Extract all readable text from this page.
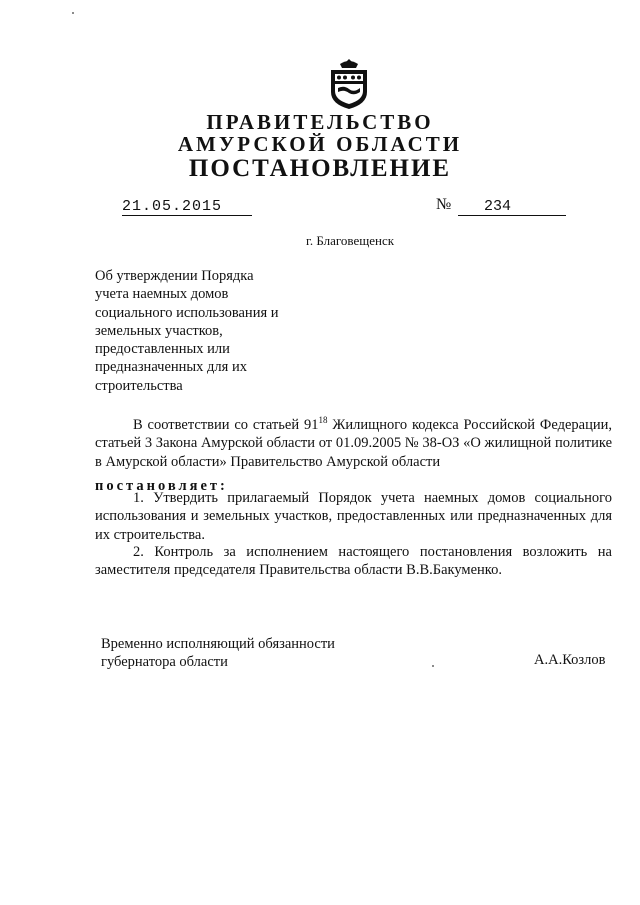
ПРАВИТЕЛЬСТВО
АМУРСКОЙ ОБЛАСТИ
ПОСТАНОВЛЕНИЕ
21.05.2015	№ 234
г. Благовещенск
Об утверждении Порядка
учета наемных домов
социального использования и
земельных участков,
предоставленных или
предназначенных для их
строительства
В соответствии со статьей $91^{18}$ Жилищного кодекса Российской Федерации, статьей 3 Закона Амурской области от 01.09.2005 № 38-ОЗ «О жилищной политике в Амурской области» Правительство Амурской области
постановляет:
1. Утвердить прилагаемый Порядок учета наемных домов социального использования и земельных участков, предоставленных или предназначенных для их строительства.
2. Контроль за исполнением настоящего постановления возложить на заместителя председателя Правительства области В.В.Бакуменко.
Временно исполняющий обязанности
губернатора области	А.А.Козлов
